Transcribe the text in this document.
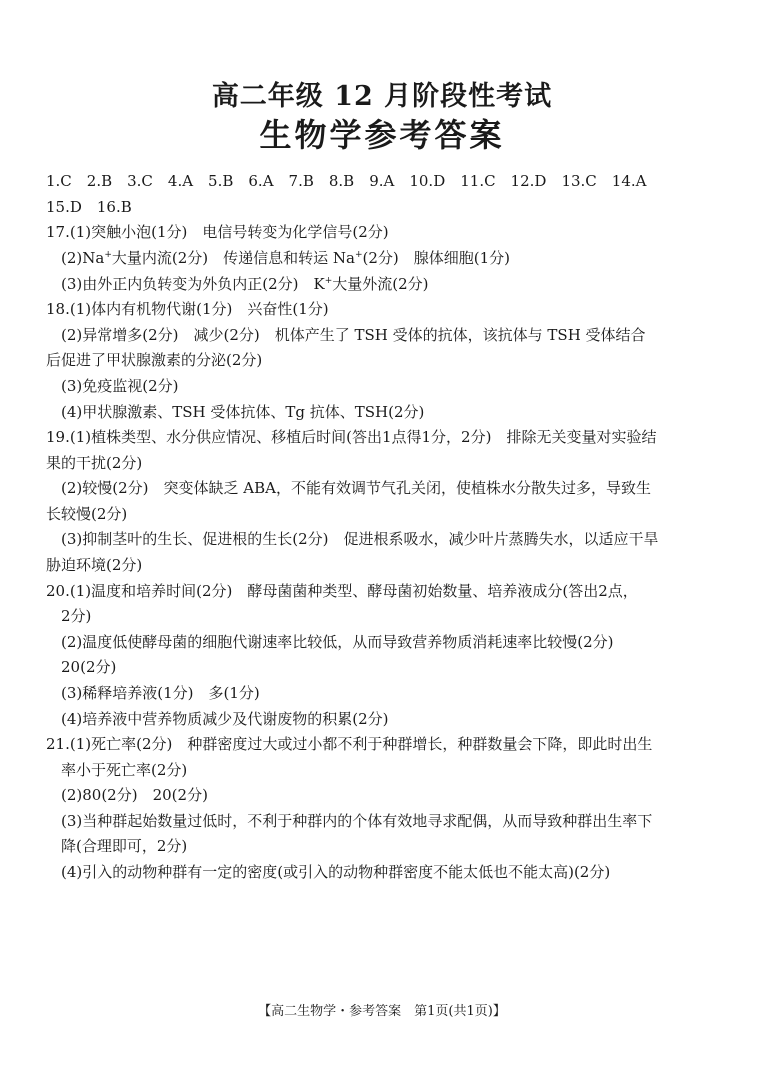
高二年级 12 月阶段性考试
生物学参考答案
1.C　2.B　3.C　4.A　5.B　6.A　7.B　8.B　9.A　10.D　11.C　12.D　13.C　14.A
15.D　16.B
17.(1)突触小泡(1分)　电信号转变为化学信号(2分)
(2)Na+大量内流(2分)　传递信息和转运 Na+(2分)　腺体细胞(1分)
(3)由外正内负转变为外负内正(2分)　K+大量外流(2分)
18.(1)体内有机物代谢(1分)　兴奋性(1分)
(2)异常增多(2分)　减少(2分)　机体产生了 TSH 受体的抗体，该抗体与 TSH 受体结合
后促进了甲状腺激素的分泌(2分)
(3)免疫监视(2分)
(4)甲状腺激素、TSH 受体抗体、Tg 抗体、TSH(2分)
19.(1)植株类型、水分供应情况、移植后时间(答出1点得1分，2分)　排除无关变量对实验结
果的干扰(2分)
(2)较慢(2分)　突变体缺乏 ABA，不能有效调节气孔关闭，使植株水分散失过多，导致生
长较慢(2分)
(3)抑制茎叶的生长、促进根的生长(2分)　促进根系吸水，减少叶片蒸腾失水，以适应干旱
胁迫环境(2分)
20.(1)温度和培养时间(2分)　酵母菌菌种类型、酵母菌初始数量、培养液成分(答出2点，
2分)
(2)温度低使酵母菌的细胞代谢速率比较低，从而导致营养物质消耗速率比较慢(2分)
20(2分)
(3)稀释培养液(1分)　多(1分)
(4)培养液中营养物质减少及代谢废物的积累(2分)
21.(1)死亡率(2分)　种群密度过大或过小都不利于种群增长，种群数量会下降，即此时出生
率小于死亡率(2分)
(2)80(2分)　20(2分)
(3)当种群起始数量过低时，不利于种群内的个体有效地寻求配偶，从而导致种群出生率下
降(合理即可，2分)
(4)引入的动物种群有一定的密度(或引入的动物种群密度不能太低也不能太高)(2分)
【高二生物学・参考答案　第1页(共1页)】
